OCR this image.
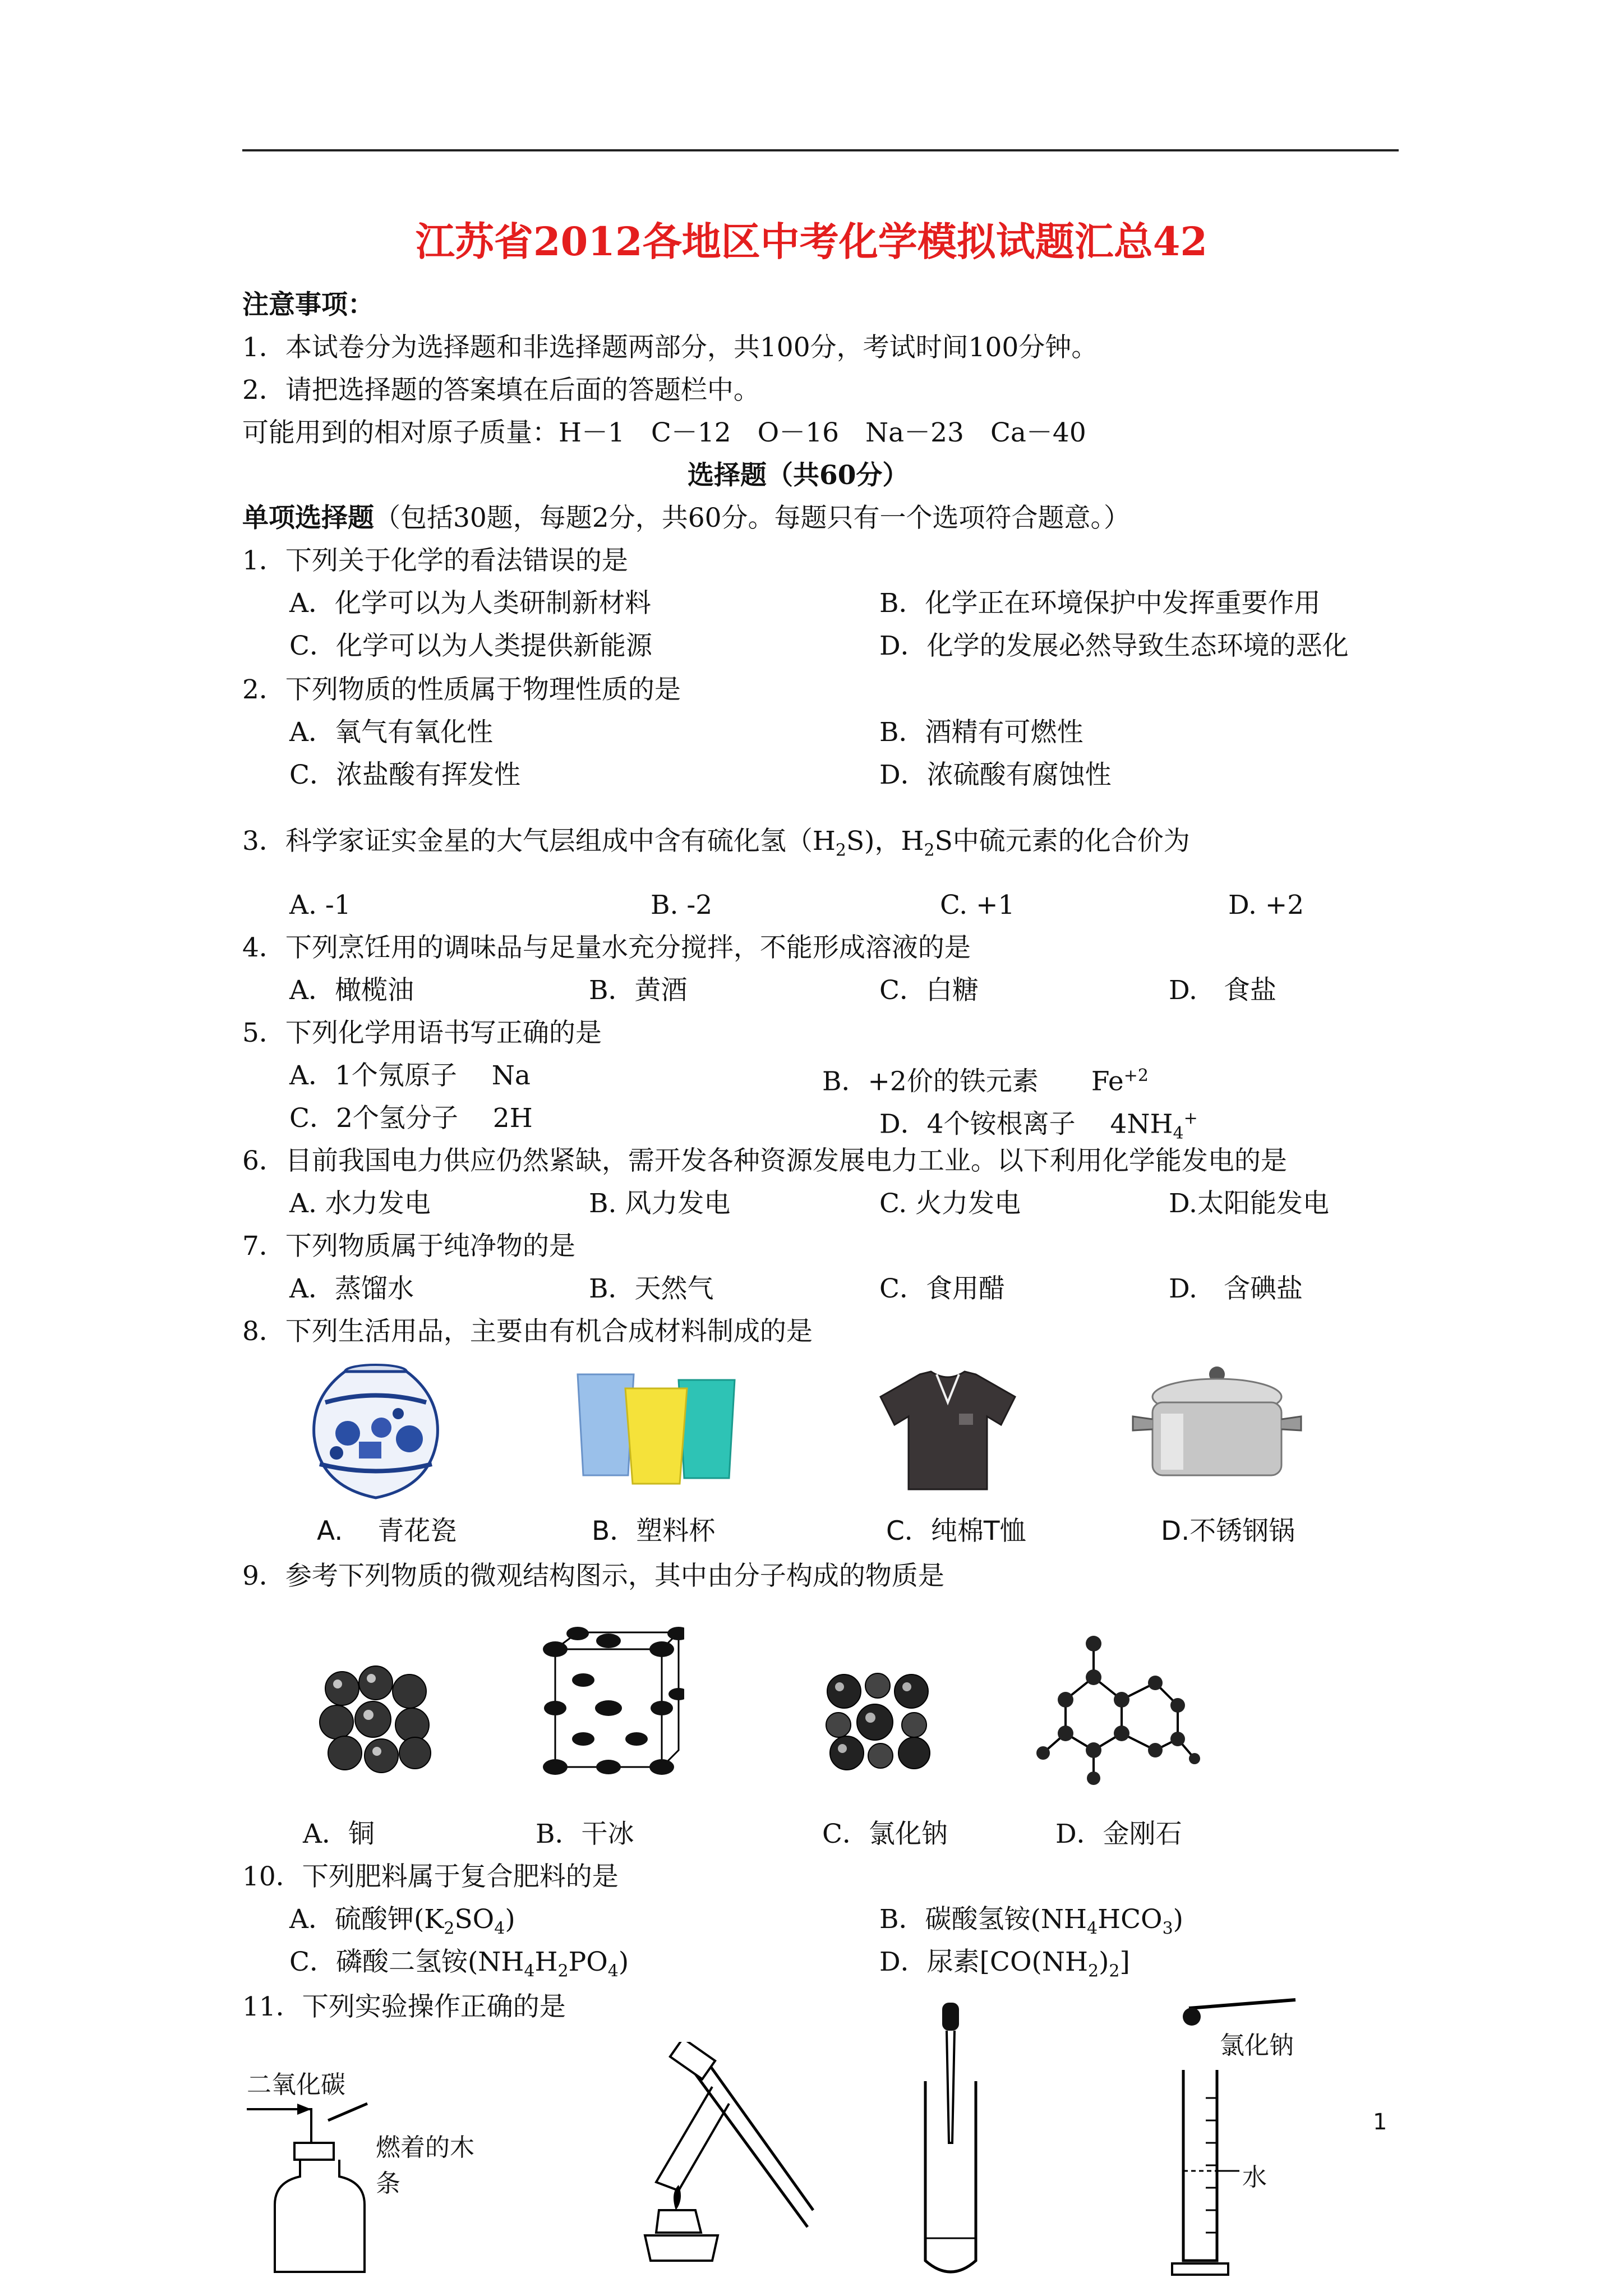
江苏省2012各地区中考化学模拟试题汇总42
注意事项：
1．本试卷分为选择题和非选择题两部分，共100分，考试时间100分钟。
2．请把选择题的答案填在后面的答题栏中。
可能用到的相对原子质量：H－1　C－12　O－16　Na－23　Ca－40
选择题（共60分）
单项选择题（包括30题，每题2分，共60分。每题只有一个选项符合题意。）
1．下列关于化学的看法错误的是
A．化学可以为人类研制新材料	B．化学正在环境保护中发挥重要作用
C．化学可以为人类提供新能源	D．化学的发展必然导致生态环境的恶化
2．下列物质的性质属于物理性质的是
A．氧气有氧化性	B．酒精有可燃性
C．浓盐酸有挥发性	D．浓硫酸有腐蚀性
3．科学家证实金星的大气层组成中含有硫化氢$(H_2S)$，$H_2S$中硫元素的化合价为
A. -1	B. -2	C. +1	D. +2
4．下列烹饪用的调味品与足量水充分搅拌，不能形成溶液的是
A．橄榄油	B．黄酒	C．白糖	D.　食盐
5．下列化学用语书写正确的是
A．1个氖原子　 Na	B．+2价的铁元素　　$Fe^{+2}$
C．2个氢分子　 2H	D．4个铵根离子　 $4NH_4^+$
6．目前我国电力供应仍然紧缺，需开发各种资源发展电力工业。以下利用化学能发电的是
A. 水力发电	B. 风力发电	C. 火力发电	D.太阳能发电
7．下列物质属于纯净物的是
A．蒸馏水	B．天然气	C．食用醋	D.　含碘盐
8．下列生活用品，主要由有机合成材料制成的是
A.　 青花瓷	B．塑料杯	C．纯棉T恤	D.不锈钢锅
9．参考下列物质的微观结构图示，其中由分子构成的物质是
A．铜	B．干冰	C．氯化钠	D．金刚石
10．下列肥料属于复合肥料的是
A．硫酸钾$(K_2SO_4)$	B．碳酸氢铵$(NH_4HCO_3)$
C．磷酸二氢铵$(NH_4H_2PO_4)$	D．尿素$[CO(NH_2)_2]$
11．下列实验操作正确的是
二氧化碳
燃着的木条
氯化钠
水
1
